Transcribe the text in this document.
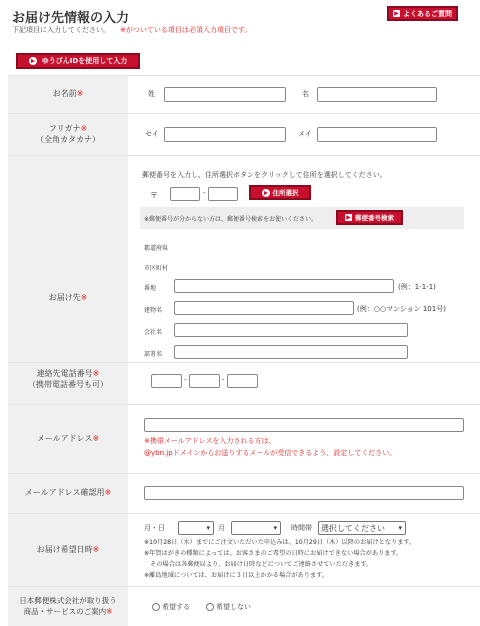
お届け先情報の入力
下記項目に入力してください。 ※がついている項目は必須入力項目です。
▶ よくあるご質問
ゆうびんIDを使用して入力
お名前 ※	姓	名
フリガナ※
（全角カタカナ）
セイ	メイ
お届け先 ※
郵便番号を入力し、住所選択ボタンをクリックして住所を選択してください。
〒	-	住所選択
※郵便番号が分からない方は、郵便番号検索をお使いください。	▶ 郵便番号検索
都道府県
市区町村
番地	(例：1-1-1)
建物名	(例：○○マンション 101号)
会社名
部署名
連絡先電話番号※
（携帯電話番号も可）	-	-
メールアドレス ※	※携帯メールアドレスを入力される方は、
@ybn.jpドメインからお送りするメールが受信できるよう、設定してください。
メールアドレス確認用 ※
お届け希望日時 ※
月・日	▾ 月	▾ 時間帯 選択してください ▾
※10月28日（水）までにご注文いただいた申込みは、10月29日（木）以降のお届けとなります。
※年賀はがきの種類によっては、お客さまのご希望の日時にお届けできない場合があります。
　その場合は各郵便局より、お届け日時などについてご連絡させていただきます。
※離島地域については、お届けに３日以上かかる場合があります。
日本郵便株式会社が取り扱う
商品・サービスのご案内※	希望する	希望しない
